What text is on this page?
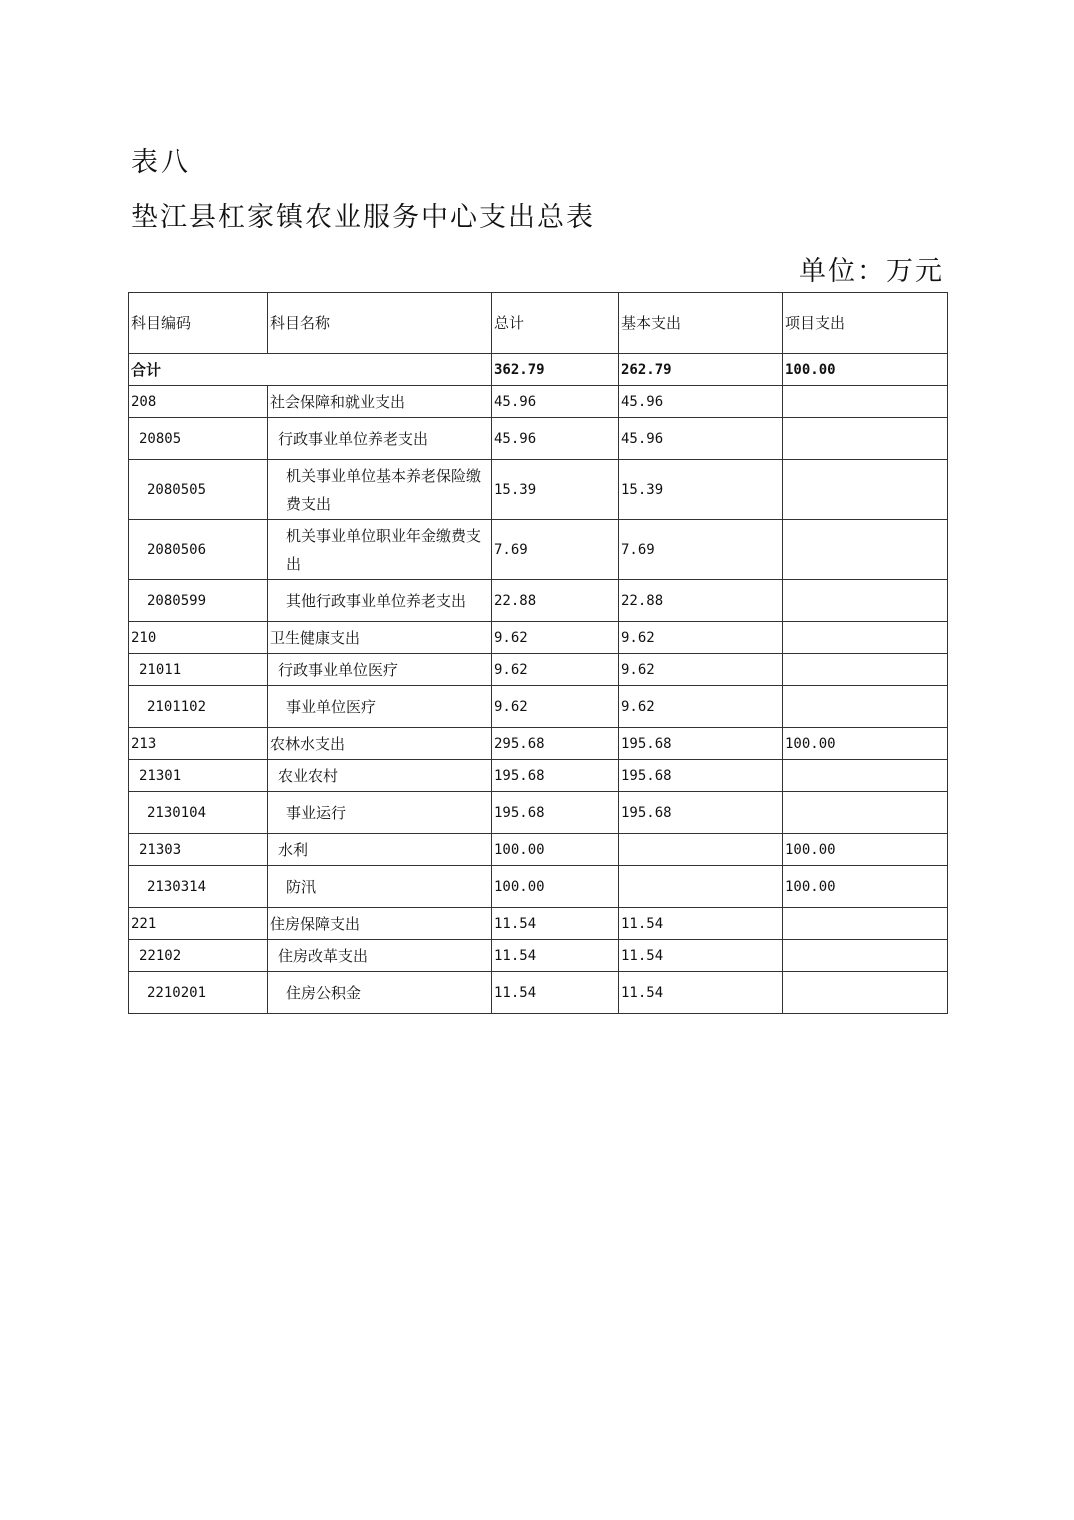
表八
垫江县杠家镇农业服务中心支出总表
单位：万元
科目编码	科目名称	总计	基本支出	项目支出
合计		362.79	262.79	100.00
208	社会保障和就业支出	45.96	45.96	
20805	行政事业单位养老支出	45.96	45.96	
2080505	机关事业单位基本养老保险缴费支出	15.39	15.39	
2080506	机关事业单位职业年金缴费支出	7.69	7.69	
2080599	其他行政事业单位养老支出	22.88	22.88	
210	卫生健康支出	9.62	9.62	
21011	行政事业单位医疗	9.62	9.62	
2101102	事业单位医疗	9.62	9.62	
213	农林水支出	295.68	195.68	100.00
21301	农业农村	195.68	195.68	
2130104	事业运行	195.68	195.68	
21303	水利	100.00		100.00
2130314	防汛	100.00		100.00
221	住房保障支出	11.54	11.54	
22102	住房改革支出	11.54	11.54	
2210201	住房公积金	11.54	11.54	
